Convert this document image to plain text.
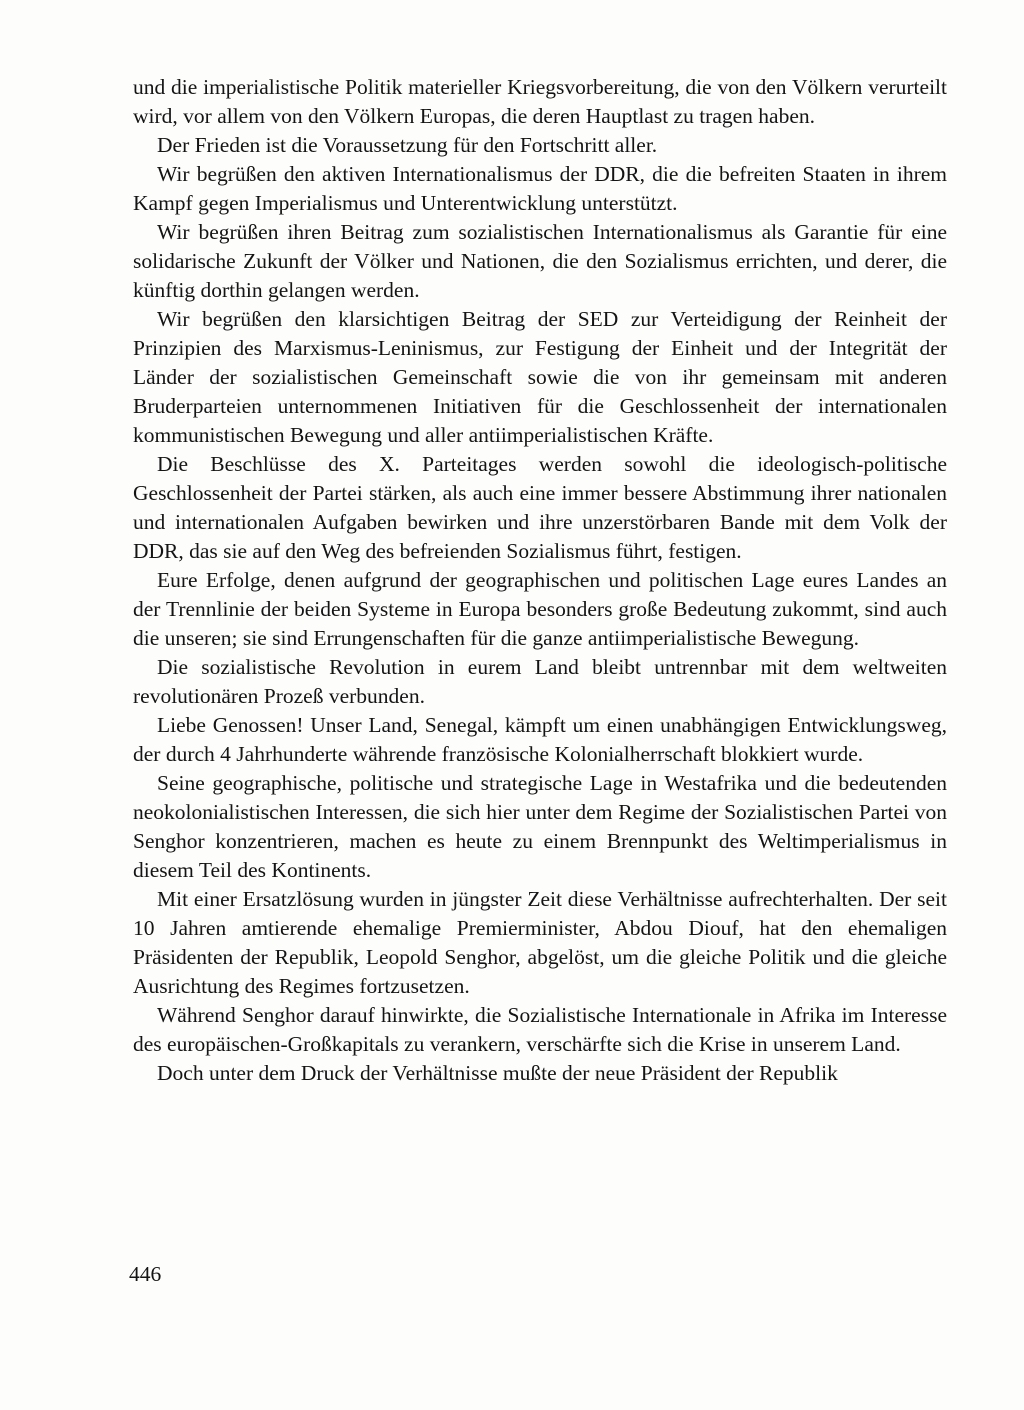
und die imperialistische Politik materieller Kriegsvorbereitung, die von den Völkern verurteilt wird, vor allem von den Völkern Europas, die deren Hauptlast zu tragen haben.

Der Frieden ist die Voraussetzung für den Fortschritt aller.

Wir begrüßen den aktiven Internationalismus der DDR, die die befreiten Staaten in ihrem Kampf gegen Imperialismus und Unterentwicklung unterstützt.

Wir begrüßen ihren Beitrag zum sozialistischen Internationalismus als Garantie für eine solidarische Zukunft der Völker und Nationen, die den Sozialismus errichten, und derer, die künftig dorthin gelangen werden.

Wir begrüßen den klarsichtigen Beitrag der SED zur Verteidigung der Reinheit der Prinzipien des Marxismus-Leninismus, zur Festigung der Einheit und der Integrität der Länder der sozialistischen Gemeinschaft sowie die von ihr gemeinsam mit anderen Bruderparteien unternommenen Initiativen für die Geschlossenheit der internationalen kommunistischen Bewegung und aller antiimperialistischen Kräfte.

Die Beschlüsse des X. Parteitages werden sowohl die ideologisch-politische Geschlossenheit der Partei stärken, als auch eine immer bessere Abstimmung ihrer nationalen und internationalen Aufgaben bewirken und ihre unzerstörbaren Bande mit dem Volk der DDR, das sie auf den Weg des befreienden Sozialismus führt, festigen.

Eure Erfolge, denen aufgrund der geographischen und politischen Lage eures Landes an der Trennlinie der beiden Systeme in Europa besonders große Bedeutung zukommt, sind auch die unseren; sie sind Errungenschaften für die ganze antiimperialistische Bewegung.

Die sozialistische Revolution in eurem Land bleibt untrennbar mit dem weltweiten revolutionären Prozeß verbunden.

Liebe Genossen! Unser Land, Senegal, kämpft um einen unabhängigen Entwicklungsweg, der durch 4 Jahrhunderte währende französische Kolonialherrschaft blokkiert wurde.

Seine geographische, politische und strategische Lage in Westafrika und die bedeutenden neokolonialistischen Interessen, die sich hier unter dem Regime der Sozialistischen Partei von Senghor konzentrieren, machen es heute zu einem Brennpunkt des Weltimperialismus in diesem Teil des Kontinents.

Mit einer Ersatzlösung wurden in jüngster Zeit diese Verhältnisse aufrechterhalten. Der seit 10 Jahren amtierende ehemalige Premierminister, Abdou Diouf, hat den ehemaligen Präsidenten der Republik, Leopold Senghor, abgelöst, um die gleiche Politik und die gleiche Ausrichtung des Regimes fortzusetzen.

Während Senghor darauf hinwirkte, die Sozialistische Internationale in Afrika im Interesse des europäischen-Großkapitals zu verankern, verschärfte sich die Krise in unserem Land.

Doch unter dem Druck der Verhältnisse mußte der neue Präsident der Republik

446
